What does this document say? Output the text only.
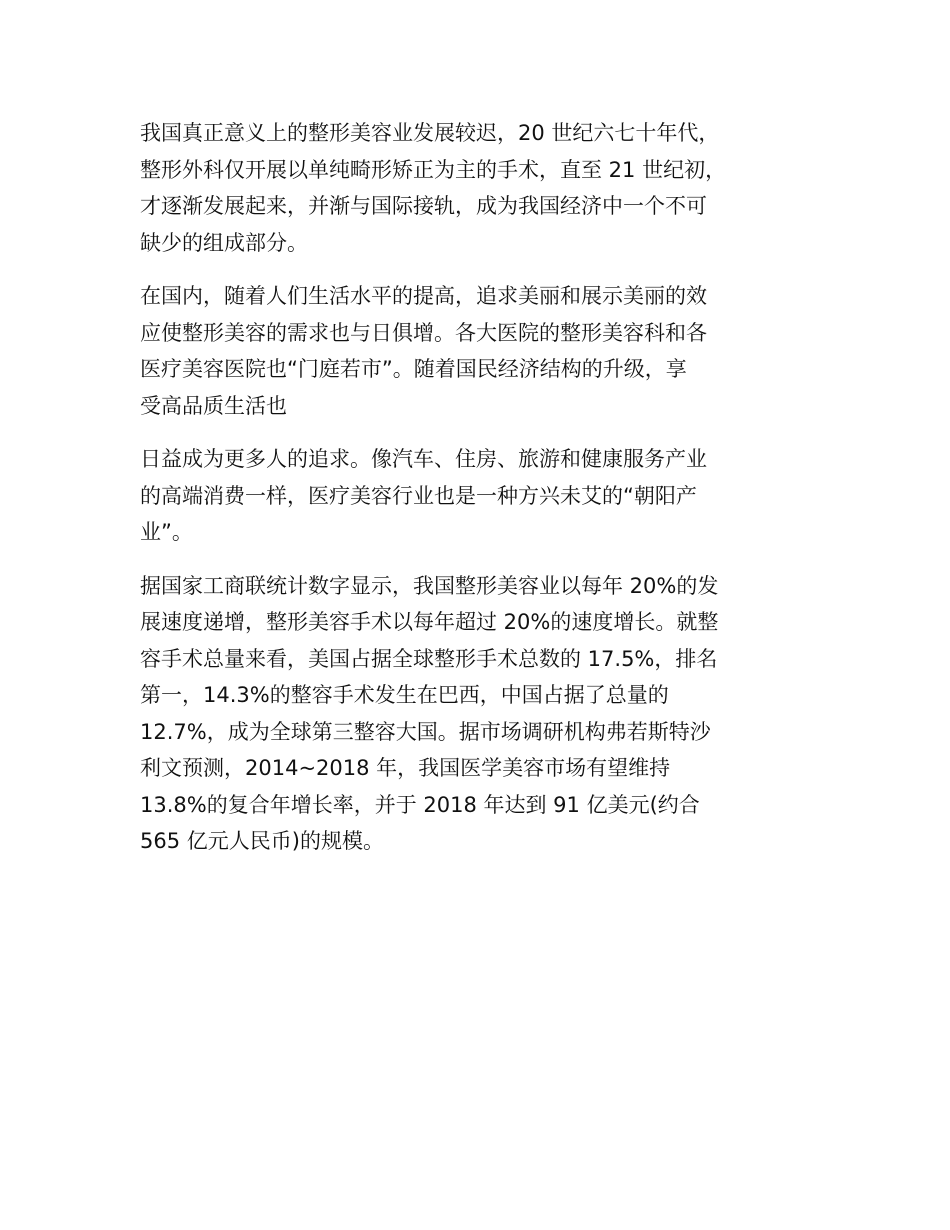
我国真正意义上的整形美容业发展较迟，20 世纪六七十年代，
整形外科仅开展以单纯畸形矫正为主的手术，直至 21 世纪初，
才逐渐发展起来，并渐与国际接轨，成为我国经济中一个不可
缺少的组成部分。

在国内，随着人们生活水平的提高，追求美丽和展示美丽的效
应使整形美容的需求也与日俱增。各大医院的整形美容科和各
医疗美容医院也“门庭若市”。随着国民经济结构的升级，享
受高品质生活也

日益成为更多人的追求。像汽车、住房、旅游和健康服务产业
的高端消费一样，医疗美容行业也是一种方兴未艾的“朝阳产
业”。

据国家工商联统计数字显示，我国整形美容业以每年 20%的发
展速度递增，整形美容手术以每年超过 20%的速度增长。就整
容手术总量来看，美国占据全球整形手术总数的 17.5%，排名
第一，14.3%的整容手术发生在巴西，中国占据了总量的
12.7%，成为全球第三整容大国。据市场调研机构弗若斯特沙
利文预测，2014~2018 年，我国医学美容市场有望维持
13.8%的复合年增长率，并于 2018 年达到 91 亿美元(约合
565 亿元人民币)的规模。
